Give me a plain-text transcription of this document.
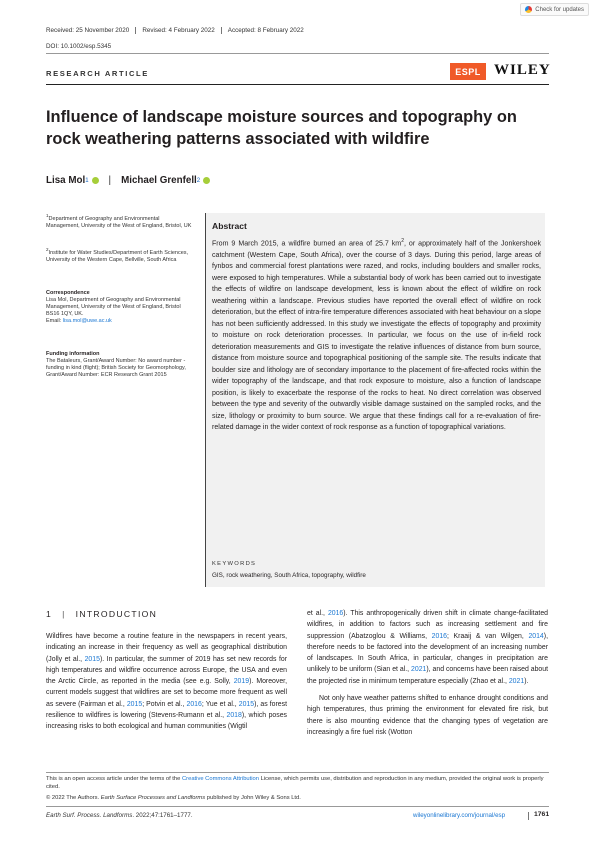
Check for updates
Received: 25 November 2020	Revised: 4 February 2022	Accepted: 8 February 2022
DOI: 10.1002/esp.5345
RESEARCH ARTICLE	ESPL WILEY
Influence of landscape moisture sources and topography on rock weathering patterns associated with wildfire
Lisa Mol 1 | Michael Grenfell 2
$^1$Department of Geography and Environmental Management, University of the West of England, Bristol, UK
$^2$Institute for Water Studies/Department of Earth Sciences, University of the Western Cape, Bellville, South Africa
Correspondence
Lisa Mol, Department of Geography and Environmental Management, University of the West of England, Bristol BS16 1QY, UK.
Email: lisa.mol@uwe.ac.uk
Funding information
The Bataleurs, Grant/Award Number: No award number - funding in kind (flight); British Society for Geomorphology, Grant/Award Number: ECR Research Grant 2015
Abstract
From 9 March 2015, a wildfire burned an area of 25.7 $km^2$, or approximately half of the Jonkershoek catchment (Western Cape, South Africa), over the course of 3 days. During this period, large areas of fynbos and commercial forest plantations were razed, and rocks, including boulders and smaller rocks, were exposed to high temperatures. While a substantial body of work has been carried out to investigate the effects of wildfire on landscape development, less is known about the effect of wildfire on rock weathering within a landscape. Previous studies have reported the overall effect of wildfire on rock deterioration, but the effect of intra-fire temperature differences associated with heat behaviour on a slope has not been sufficiently addressed. In this study we investigate the effects of topography and proximity to moisture on rock deterioration processes. In particular, we focus on the use of in-field rock deterioration measurements and GIS to investigate the relative influences of distance from burn source, distance from moisture source and topographical positioning of the sample site. The results indicate that boulder size and lithology are of secondary importance to the placement of fire-affected rocks within the wider topography of the landscape, and that rock exposure to moisture, also a function of landscape position, is likely to exacerbate the response of the rocks to heat. No direct correlation was observed between the type and severity of the outwardly visible damage sustained on the sampled rocks, and the size, lithology or proximity to burn source. We argue that these findings call for a re-evaluation of fire-related damage in the wider context of rock response as a function of topographical variations.
KEYWORDS
GIS, rock weathering, South Africa, topography, wildfire
1 | INTRODUCTION

Wildfires have become a routine feature in the newspapers in recent years, indicating an increase in their frequency as well as geographical distribution (Jolly et al., 2015). In particular, the summer of 2019 has set new records for high temperatures and wildfire occurrence across Europe, the USA and even the Arctic Circle, as reported in the media (see e.g. Solly, 2019). Moreover, current models suggest that wildfires are set to become more frequent as well as severe (Fairman et al., 2015; Potvin et al., 2016; Yue et al., 2015), as forest resilience to wildfires is lowering (Stevens-Rumann et al., 2018), which poses increasing risks to both ecological and human communities (Wigtil

et al., 2016). This anthropogenically driven shift in climate change-facilitated wildfires, in addition to factors such as increasing settlement and fire suppression (Abatzoglou & Williams, 2016; Kraaij & van Wilgen, 2014), therefore needs to be factored into the development of an increasing number of landscapes. In South Africa, in particular, changes in precipitation are unlikely to be uniform (Sian et al., 2021), and concerns have been raised about the projected rise in minimum temperature especially (Zhao et al., 2021).

Not only have weather patterns shifted to enhance drought conditions and high temperatures, thus priming the environment for elevated fire risk, but there is also mounting evidence that the changing types of vegetation are increasingly a fire fuel risk (Wotton

This is an open access article under the terms of the Creative Commons Attribution License, which permits use, distribution and reproduction in any medium, provided the original work is properly cited.
© 2022 The Authors. Earth Surface Processes and Landforms published by John Wiley & Sons Ltd.
Earth Surf. Process. Landforms. 2022;47:1761–1777.	wileyonlinelibrary.com/journal/esp	1761
